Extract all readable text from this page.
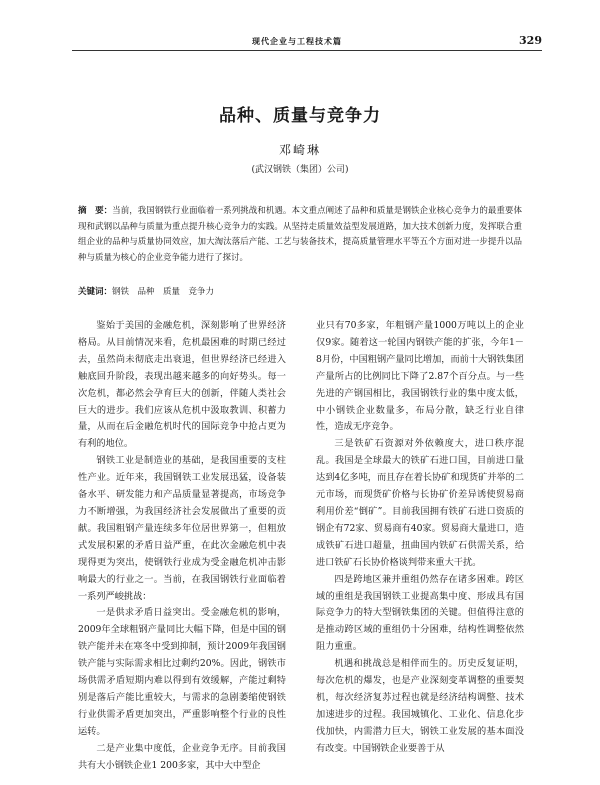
现代企业与工程技术篇	329
品种、质量与竞争力
邓崎琳
(武汉钢铁（集团）公司)
摘　要：当前，我国钢铁行业面临着一系列挑战和机遇。本文重点阐述了品种和质量是钢铁企业核心竞争力的最重要体现和武钢以品种与质量为重点提升核心竞争力的实践。从坚持走质量效益型发展道路，加大技术创新力度，发挥联合重组企业的品种与质量协同效应，加大淘汰落后产能、工艺与装备技术，提高质量管理水平等五个方面对进一步提升以品种与质量为核心的企业竞争能力进行了探讨。
关键词：钢铁　品种　质量　竞争力

鉴始于美国的金融危机，深刻影响了世界经济格局。从目前情况来看，危机最困难的时期已经过去，虽然尚未彻底走出衰退，但世界经济已经进入触底回升阶段，表现出越来越多的向好势头。每一次危机，都必然会孕育巨大的创新，伴随人类社会巨大的进步。我们应该从危机中汲取教训、积蓄力量，从而在后金融危机时代的国际竞争中抢占更为有利的地位。

钢铁工业是制造业的基础，是我国重要的支柱性产业。近年来，我国钢铁工业发展迅猛，设备装备水平、研发能力和产品质量显著提高，市场竞争力不断增强，为我国经济社会发展做出了重要的贡献。我国粗钢产量连续多年位居世界第一，但粗放式发展积累的矛盾日益严重，在此次金融危机中表现得更为突出，使钢铁行业成为受金融危机冲击影响最大的行业之一。当前，在我国钢铁行业面临着一系列严峻挑战：

一是供求矛盾日益突出。受金融危机的影响，2009年全球粗钢产量同比大幅下降，但是中国的钢铁产能并未在寒冬中受到抑制，预计2009年我国钢铁产能与实际需求相比过剩约20%。因此，钢铁市场供需矛盾短期内难以得到有效缓解，产能过剩特别是落后产能比重较大，与需求的急剧萎缩使钢铁行业供需矛盾更加突出，严重影响整个行业的良性运转。

二是产业集中度低，企业竞争无序。目前我国共有大小钢铁企业1 200多家，其中大中型企

业只有70多家，年粗钢产量1000万吨以上的企业仅9家。随着这一轮国内钢铁产能的扩张，今年1－8月份，中国粗钢产量同比增加，而前十大钢铁集团产量所占的比例同比下降了2.87个百分点。与一些先进的产钢国相比，我国钢铁行业的集中度太低，中小钢铁企业数量多，布局分散，缺乏行业自律性，造成无序竞争。

三是铁矿石资源对外依赖度大，进口秩序混乱。我国是全球最大的铁矿石进口国，目前进口量达到4亿多吨，而且存在着长协矿和现货矿并举的二元市场，而现货矿价格与长协矿价差异诱使贸易商利用价差“倒矿”。目前我国拥有铁矿石进口资质的钢企有72家、贸易商有40家。贸易商大量进口，造成铁矿石进口超量，扭曲国内铁矿石供需关系，给进口铁矿石长协价格谈判带来重大干扰。

四是跨地区兼并重组仍然存在诸多困难。跨区域的重组是我国钢铁工业提高集中度、形成具有国际竞争力的特大型钢铁集团的关键。但值得注意的是推动跨区域的重组仍十分困难，结构性调整依然阻力重重。

机遇和挑战总是相伴而生的。历史反复证明，每次危机的爆发，也是产业深刻变革调整的重要契机，每次经济复苏过程也就是经济结构调整、技术加速进步的过程。我国城镇化、工业化、信息化步伐加快，内需潜力巨大，钢铁工业发展的基本面没有改变。中国钢铁企业要善于从
